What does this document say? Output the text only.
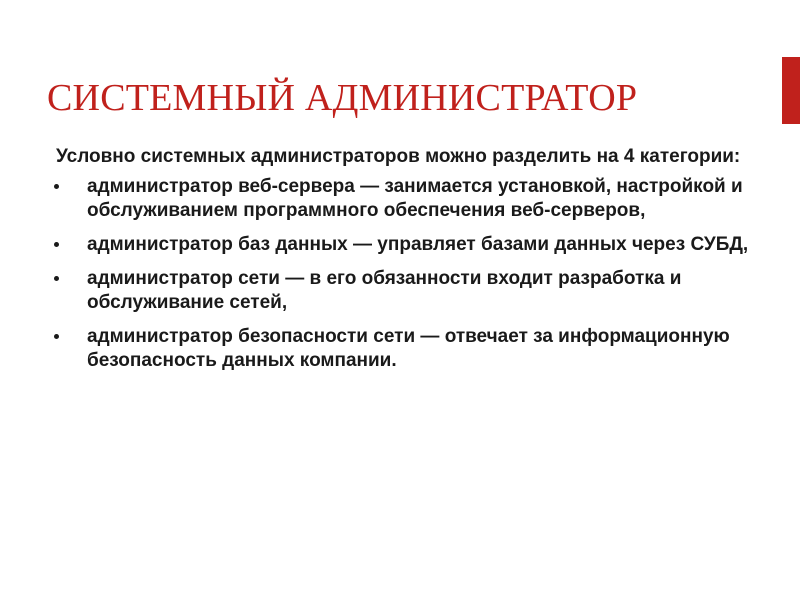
СИСТЕМНЫЙ АДМИНИСТРАТОР

Условно системных администраторов можно разделить на 4 категории:

администратор веб-сервера — занимается установкой, настройкой и обслуживанием программного обеспечения веб-серверов,
администратор баз данных — управляет базами данных через СУБД,
администратор сети — в его обязанности входит разработка и обслуживание сетей,
администратор безопасности сети — отвечает за информационную безопасность данных компании.
